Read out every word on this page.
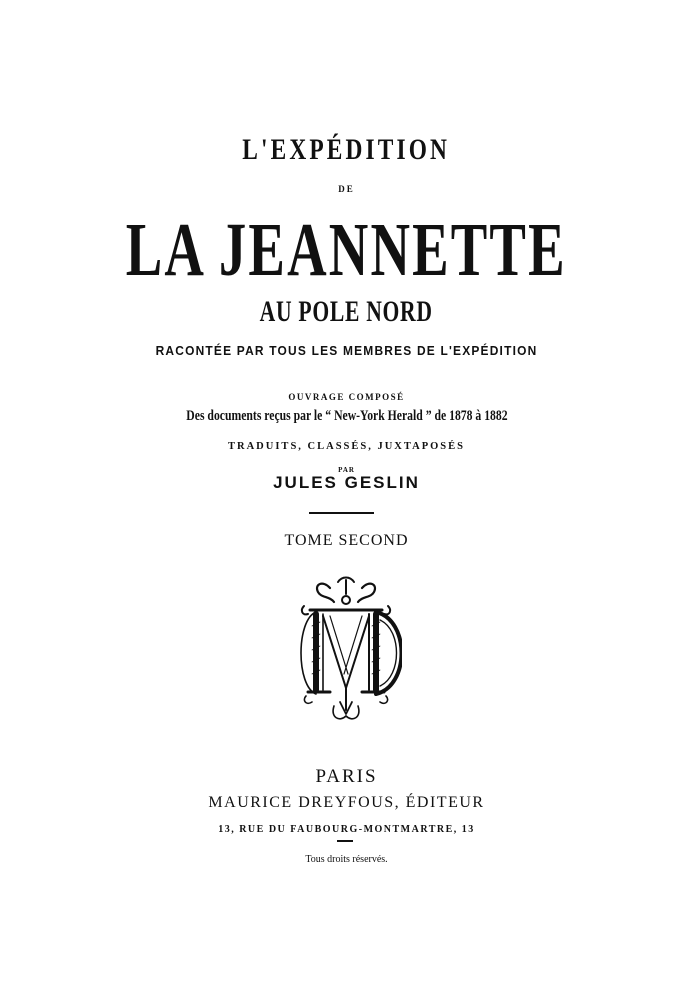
L'EXPÉDITION
DE
LA JEANNETTE
AU POLE NORD
RACONTÉE PAR TOUS LES MEMBRES DE L'EXPÉDITION
OUVRAGE COMPOSÉ
Des documents reçus par le “ New-York Herald ” de 1878 à 1882
TRADUITS, CLASSÉS, JUXTAPOSÉS
PAR
JULES GESLIN
TOME SECOND
PARIS
MAURICE DREYFOUS, ÉDITEUR
13, RUE DU FAUBOURG-MONTMARTRE, 13
Tous droits réservés.
